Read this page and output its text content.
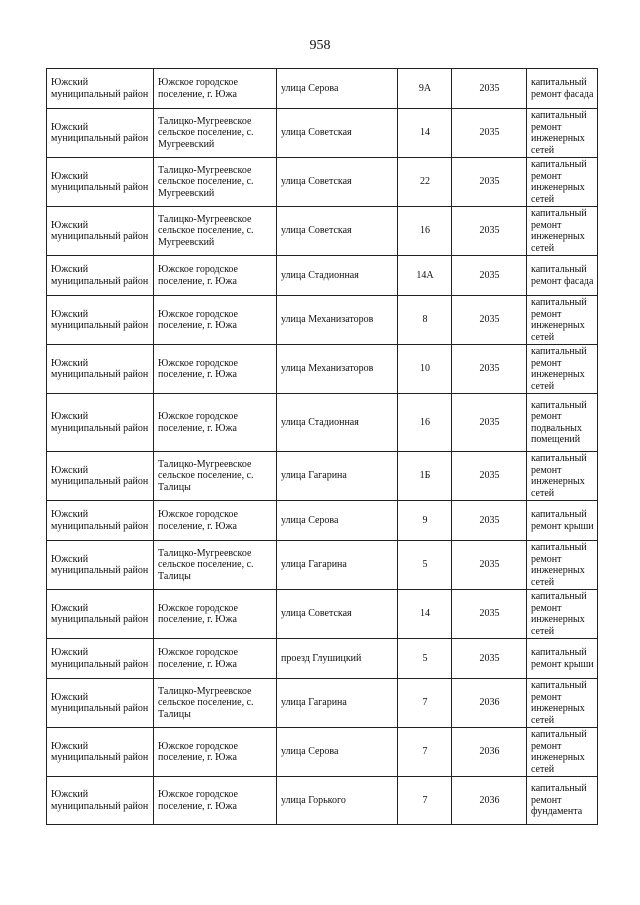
958
Южский муниципальный район	Южское городское поселение, г. Южа	улица Серова	9А	2035	капитальный ремонт фасада
Южский муниципальный район	Талицко-Мугреевское сельское поселение, с. Мугреевский	улица Советская	14	2035	капитальный ремонт инженерных сетей
Южский муниципальный район	Талицко-Мугреевское сельское поселение, с. Мугреевский	улица Советская	22	2035	капитальный ремонт инженерных сетей
Южский муниципальный район	Талицко-Мугреевское сельское поселение, с. Мугреевский	улица Советская	16	2035	капитальный ремонт инженерных сетей
Южский муниципальный район	Южское городское поселение, г. Южа	улица Стадионная	14А	2035	капитальный ремонт фасада
Южский муниципальный район	Южское городское поселение, г. Южа	улица Механизаторов	8	2035	капитальный ремонт инженерных сетей
Южский муниципальный район	Южское городское поселение, г. Южа	улица Механизаторов	10	2035	капитальный ремонт инженерных сетей
Южский муниципальный район	Южское городское поселение, г. Южа	улица Стадионная	16	2035	капитальный ремонт подвальных помещений
Южский муниципальный район	Талицко-Мугреевское сельское поселение, с. Талицы	улица Гагарина	1Б	2035	капитальный ремонт инженерных сетей
Южский муниципальный район	Южское городское поселение, г. Южа	улица Серова	9	2035	капитальный ремонт крыши
Южский муниципальный район	Талицко-Мугреевское сельское поселение, с. Талицы	улица Гагарина	5	2035	капитальный ремонт инженерных сетей
Южский муниципальный район	Южское городское поселение, г. Южа	улица Советская	14	2035	капитальный ремонт инженерных сетей
Южский муниципальный район	Южское городское поселение, г. Южа	проезд Глушицкий	5	2035	капитальный ремонт крыши
Южский муниципальный район	Талицко-Мугреевское сельское поселение, с. Талицы	улица Гагарина	7	2036	капитальный ремонт инженерных сетей
Южский муниципальный район	Южское городское поселение, г. Южа	улица Серова	7	2036	капитальный ремонт инженерных сетей
Южский муниципальный район	Южское городское поселение, г. Южа	улица Горького	7	2036	капитальный ремонт фундамента
